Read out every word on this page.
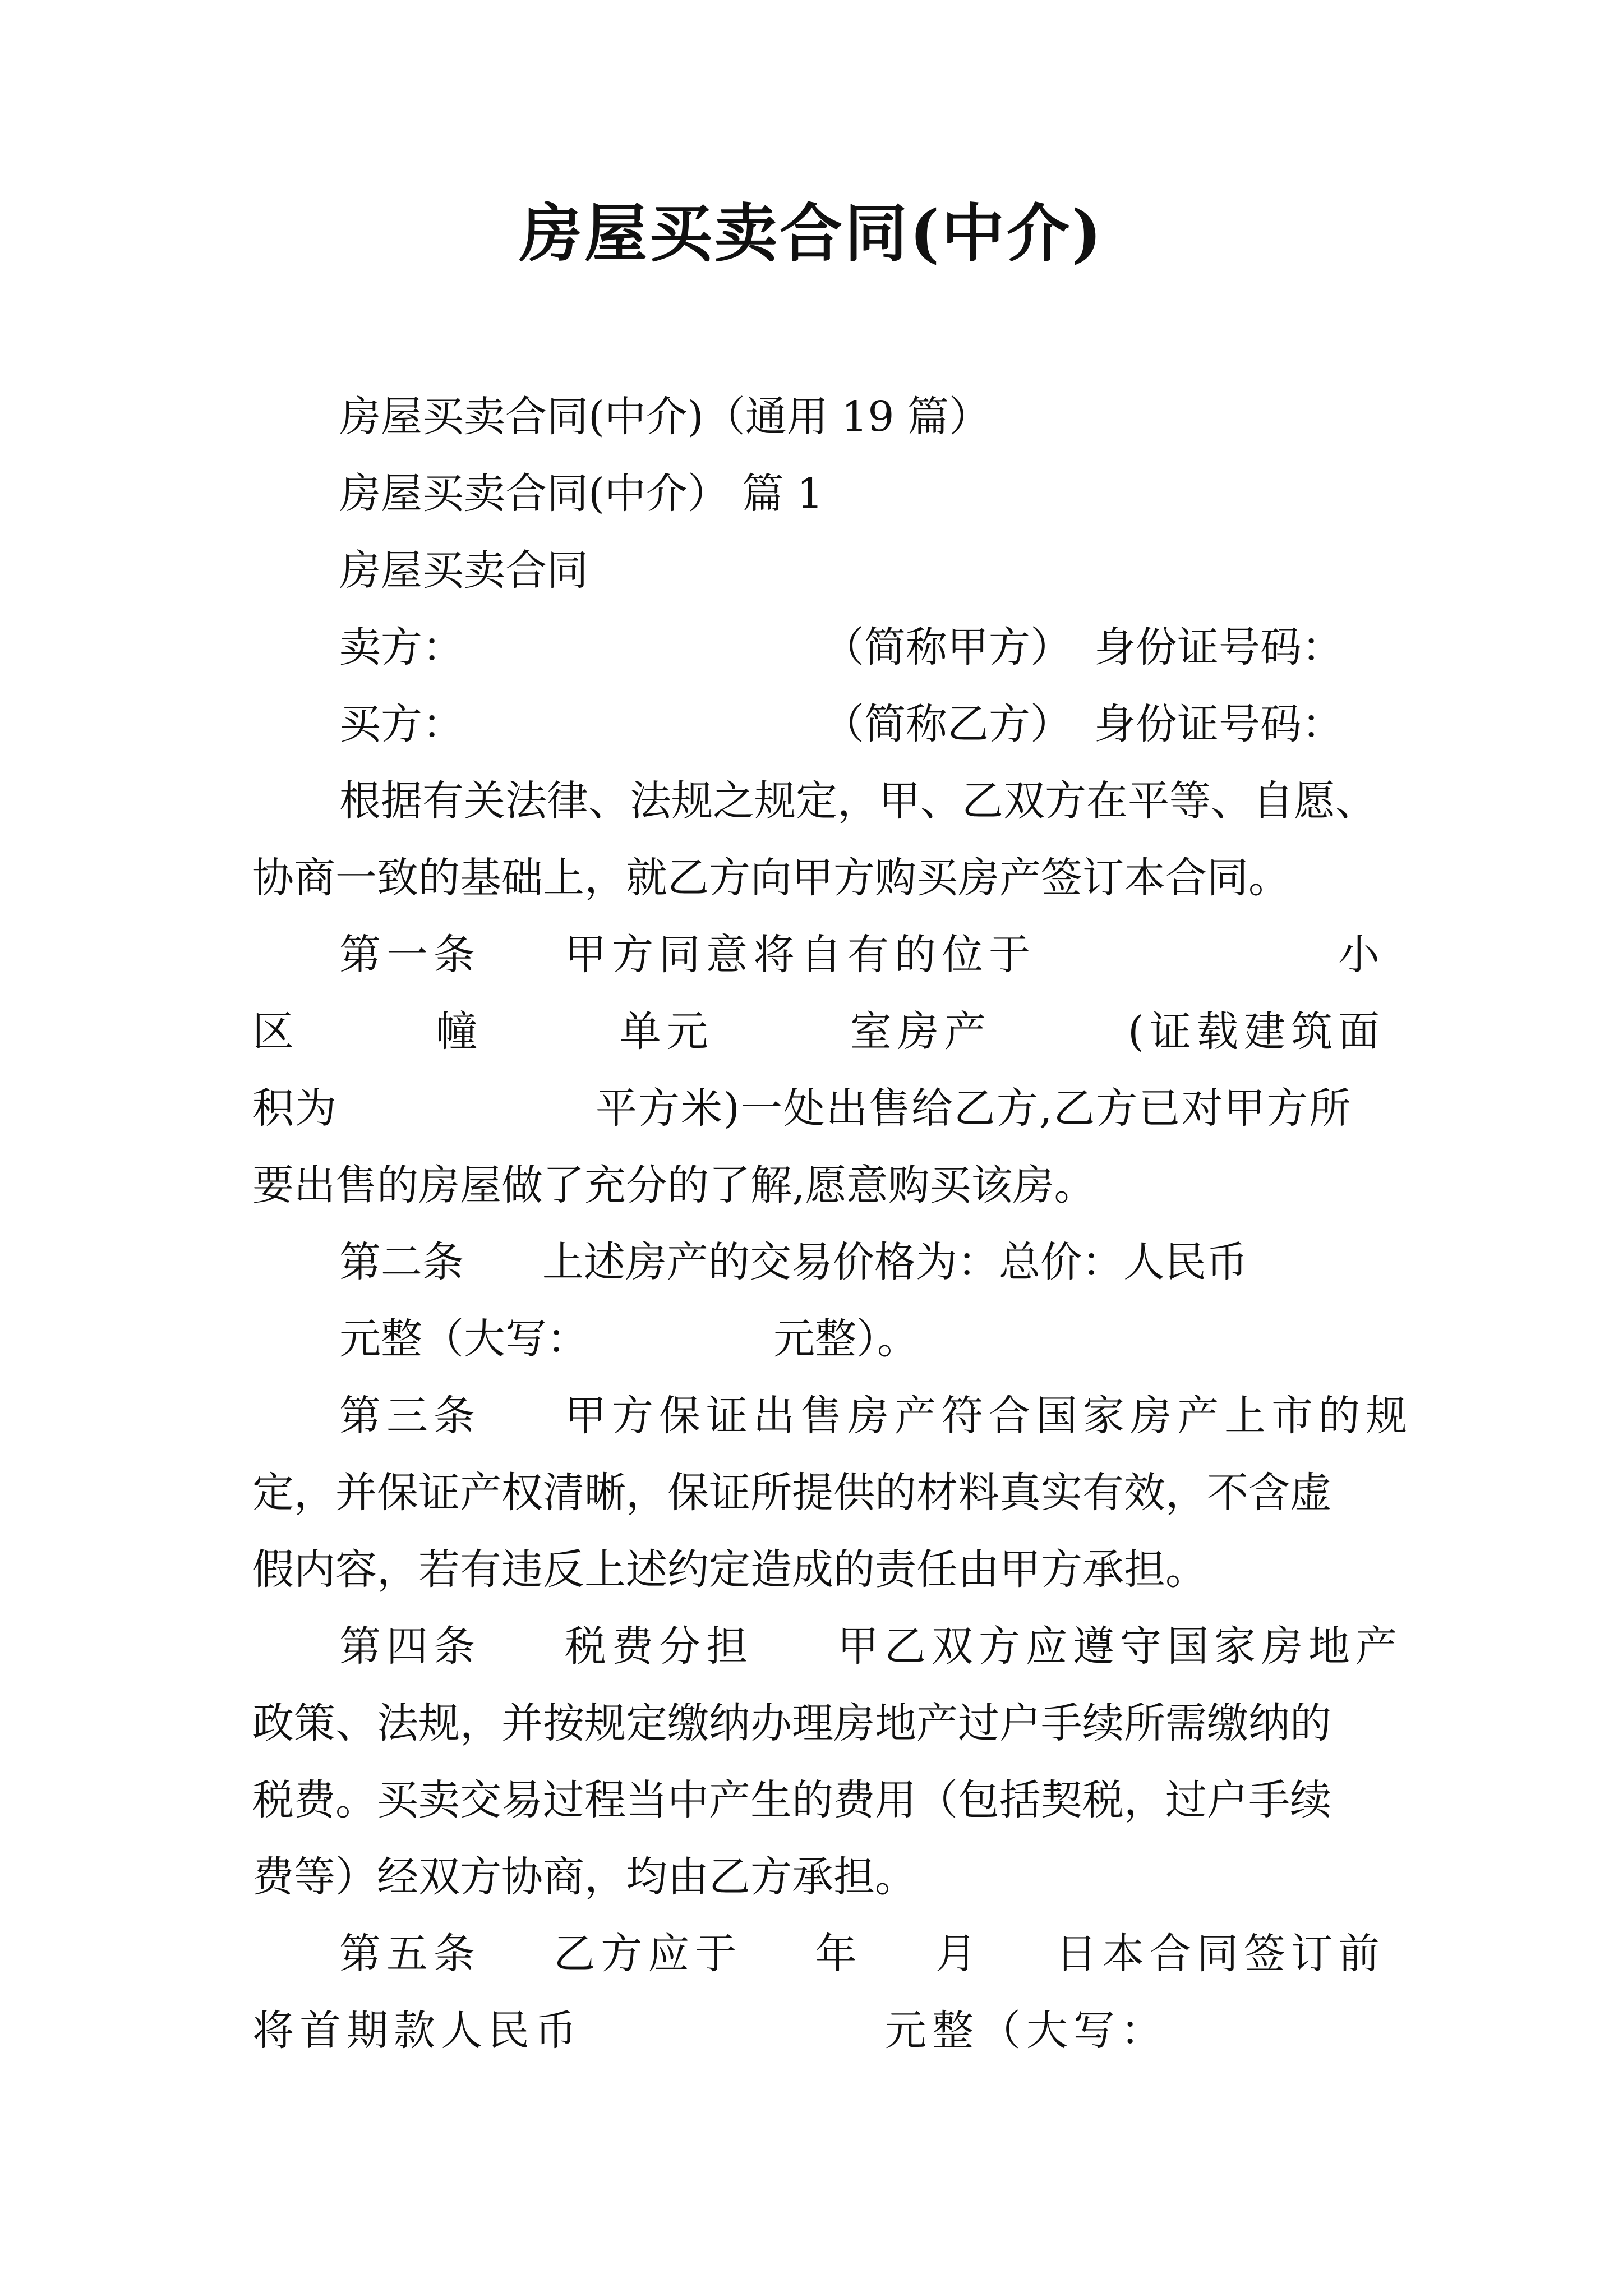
房屋买卖合同(中介)
房屋买卖合同(中介)（通用 19 篇）
房屋买卖合同(中介） 篇 1
房屋买卖合同
卖方：	（简称甲方） 身份证号码：
买方：	（简称乙方） 身份证号码：
根据有关法律、法规之规定，甲、乙双方在平等、自愿、
协商一致的基础上，就乙方向甲方购买房产签订本合同。
第一条 甲方同意将自有的位于	小
区	幢	单元	室房产	(证载建筑面
积为	平方米)一处出售给乙方,乙方已对甲方所
要出售的房屋做了充分的了解,愿意购买该房。
第二条 上述房产的交易价格为：总价：人民币
元整（大写：	元整）。
第三条 甲方保证出售房产符合国家房产上市的规
定，并保证产权清晰，保证所提供的材料真实有效，不含虚
假内容，若有违反上述约定造成的责任由甲方承担。
第四条 税费分担 甲乙双方应遵守国家房地产
政策、法规，并按规定缴纳办理房地产过户手续所需缴纳的
税费。买卖交易过程当中产生的费用（包括契税，过户手续
费等）经双方协商，均由乙方承担。
第五条 乙方应于 年 月 日本合同签订前
将首期款人民币	元整（大写：
